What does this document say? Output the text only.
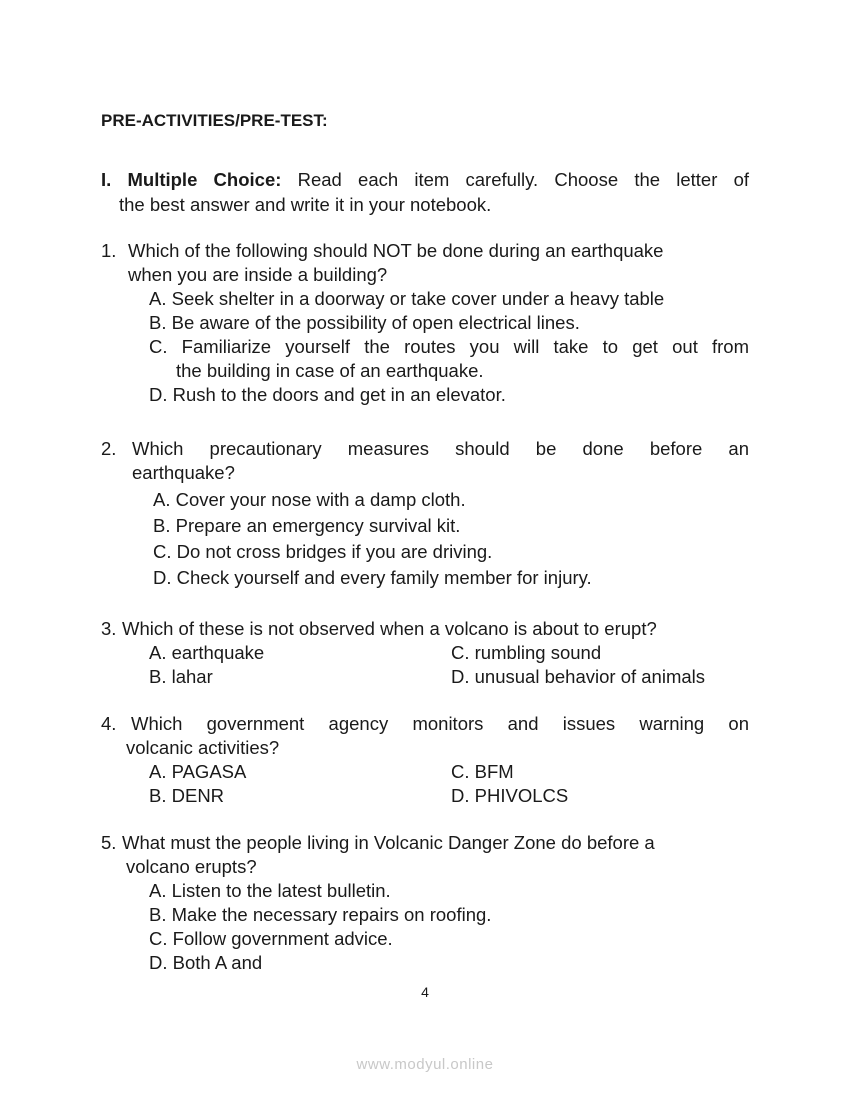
PRE-ACTIVITIES/PRE-TEST:
I. Multiple Choice: Read each item carefully. Choose the letter of
the best answer and write it in your notebook.
1. Which of the following should NOT be done during an earthquake
when you are inside a building?
A. Seek shelter in a doorway or take cover under a heavy table
B. Be aware of the possibility of open electrical lines.
C. Familiarize yourself the routes you will take to get out from
the building in case of an earthquake.
D. Rush to the doors and get in an elevator.
2. Which precautionary measures should be done before an
earthquake?
A. Cover your nose with a damp cloth.
B. Prepare an emergency survival kit.
C. Do not cross bridges if you are driving.
D. Check yourself and every family member for injury.
3. Which of these is not observed when a volcano is about to erupt?
A. earthquake	C. rumbling sound
B. lahar	D. unusual behavior of animals
4. Which government agency monitors and issues warning on
volcanic activities?
A. PAGASA	C. BFM
B. DENR	D. PHIVOLCS
5. What must the people living in Volcanic Danger Zone do before a
volcano erupts?
A. Listen to the latest bulletin.
B. Make the necessary repairs on roofing.
C. Follow government advice.
D. Both A and
4
www.modyul.online
